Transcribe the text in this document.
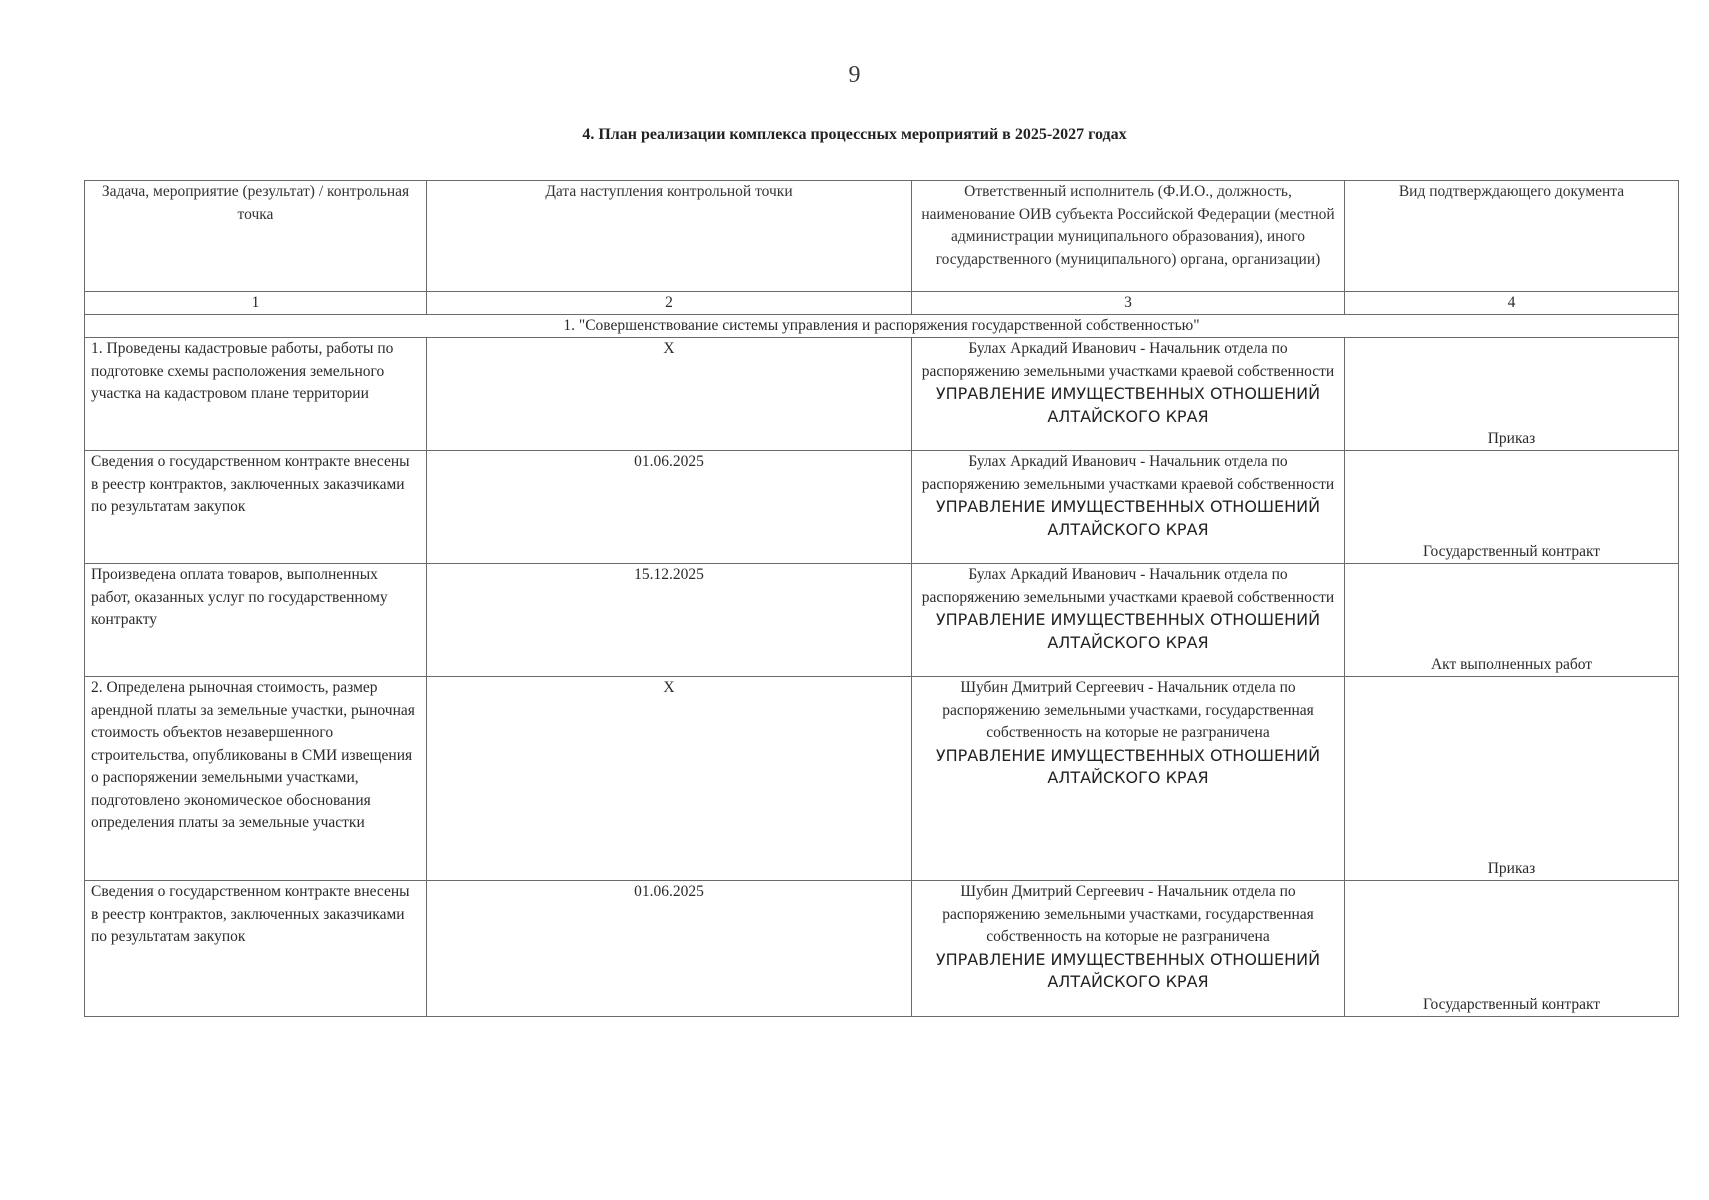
9
4. План реализации комплекса процессных мероприятий в 2025-2027 годах
Задача, мероприятие (результат) / контрольная точка	Дата наступления контрольной точки	Ответственный исполнитель (Ф.И.О., должность, наименование ОИВ субъекта Российской Федерации (местной администрации муниципального образования), иного государственного (муниципального) органа, организации)	Вид подтверждающего документа
1	2	3	4
1. "Совершенствование системы управления и распоряжения государственной собственностью"			
1. Проведены кадастровые работы, работы по подготовке схемы расположения земельного участка на кадастровом плане территории	X	Булах Аркадий Иванович - Начальник отдела по распоряжению земельными участками краевой собственности
УПРАВЛЕНИЕ ИМУЩЕСТВЕННЫХ ОТНОШЕНИЙ АЛТАЙСКОГО КРАЯ	Приказ
Сведения о государственном контракте внесены в реестр контрактов, заключенных заказчиками по результатам закупок	01.06.2025	Булах Аркадий Иванович - Начальник отдела по распоряжению земельными участками краевой собственности
УПРАВЛЕНИЕ ИМУЩЕСТВЕННЫХ ОТНОШЕНИЙ АЛТАЙСКОГО КРАЯ	Государственный контракт
Произведена оплата товаров, выполненных работ, оказанных услуг по государственному контракту	15.12.2025	Булах Аркадий Иванович - Начальник отдела по распоряжению земельными участками краевой собственности
УПРАВЛЕНИЕ ИМУЩЕСТВЕННЫХ ОТНОШЕНИЙ АЛТАЙСКОГО КРАЯ	Акт выполненных работ
2. Определена рыночная стоимость, размер арендной платы за земельные участки, рыночная стоимость объектов незавершенного строительства, опубликованы в СМИ извещения о распоряжении земельными участками, подготовлено экономическое обоснования определения платы за земельные участки	X	Шубин Дмитрий Сергеевич - Начальник отдела по распоряжению земельными участками, государственная собственность на которые не разграничена
УПРАВЛЕНИЕ ИМУЩЕСТВЕННЫХ ОТНОШЕНИЙ АЛТАЙСКОГО КРАЯ	Приказ
Сведения о государственном контракте внесены в реестр контрактов, заключенных заказчиками по результатам закупок	01.06.2025	Шубин Дмитрий Сергеевич - Начальник отдела по распоряжению земельными участками, государственная собственность на которые не разграничена
УПРАВЛЕНИЕ ИМУЩЕСТВЕННЫХ ОТНОШЕНИЙ АЛТАЙСКОГО КРАЯ	Государственный контракт
